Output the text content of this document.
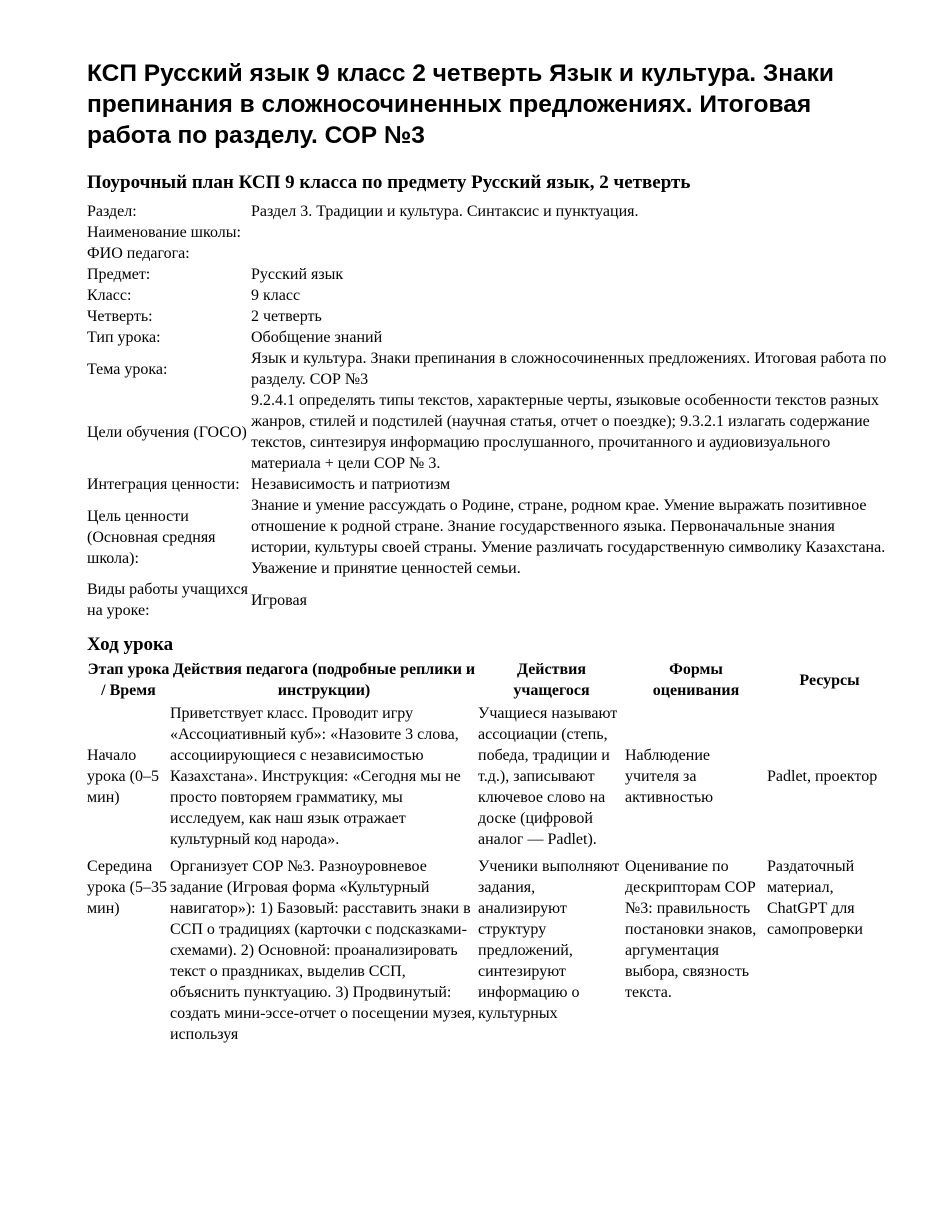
КСП Русский язык 9 класс 2 четверть Язык и культура. Знаки препинания в сложносочиненных предложениях. Итоговая работа по разделу. СОР №3
Поурочный план КСП 9 класса по предмету Русский язык, 2 четверть
Раздел:	Раздел 3. Традиции и культура. Синтаксис и пунктуация.
Наименование школы:	
ФИО педагога:	
Предмет:	Русский язык
Класс:	9 класс
Четверть:	2 четверть
Тип урока:	Обобщение знаний
Тема урока:	Язык и культура. Знаки препинания в сложносочиненных предложениях. Итоговая работа по разделу. СОР №3
Цели обучения (ГОСО)	9.2.4.1 определять типы текстов, характерные черты, языковые особенности текстов разных жанров, стилей и подстилей (научная статья, отчет о поездке); 9.3.2.1 излагать содержание текстов, синтезируя информацию прослушанного, прочитанного и аудиовизуального материала + цели СОР № 3.
Интеграция ценности:	Независимость и патриотизм
Цель ценности (Основная средняя школа):	Знание и умение рассуждать о Родине, стране, родном крае. Умение выражать позитивное отношение к родной стране. Знание государственного языка. Первоначальные знания истории, культуры своей страны. Умение различать государственную символику Казахстана. Уважение и принятие ценностей семьи.
Виды работы учащихся на уроке:	Игровая
Ход урока
Этап урока / Время	Действия педагога (подробные реплики и инструкции)	Действия учащегося	Формы оценивания	Ресурсы
Начало урока (0–5 мин)	Приветствует класс. Проводит игру «Ассоциативный куб»: «Назовите 3 слова, ассоциирующиеся с независимостью Казахстана». Инструкция: «Сегодня мы не просто повторяем грамматику, мы исследуем, как наш язык отражает культурный код народа».	Учащиеся называют ассоциации (степь, победа, традиции и т.д.), записывают ключевое слово на доске (цифровой аналог — Padlet).	Наблюдение учителя за активностью	Padlet, проектор
Середина урока (5–35 мин)	Организует СОР №3. Разноуровневое задание (Игровая форма «Культурный навигатор»): 1) Базовый: расставить знаки в ССП о традициях (карточки с подсказками-схемами). 2) Основной: проанализировать текст о праздниках, выделив ССП, объяснить пунктуацию. 3) Продвинутый: создать мини-эссе-отчет о посещении музея, используя	Ученики выполняют задания, анализируют структуру предложений, синтезируют информацию о культурных	Оценивание по дескрипторам СОР №3: правильность постановки знаков, аргументация выбора, связность текста.	Раздаточный материал, ChatGPT для самопроверки
